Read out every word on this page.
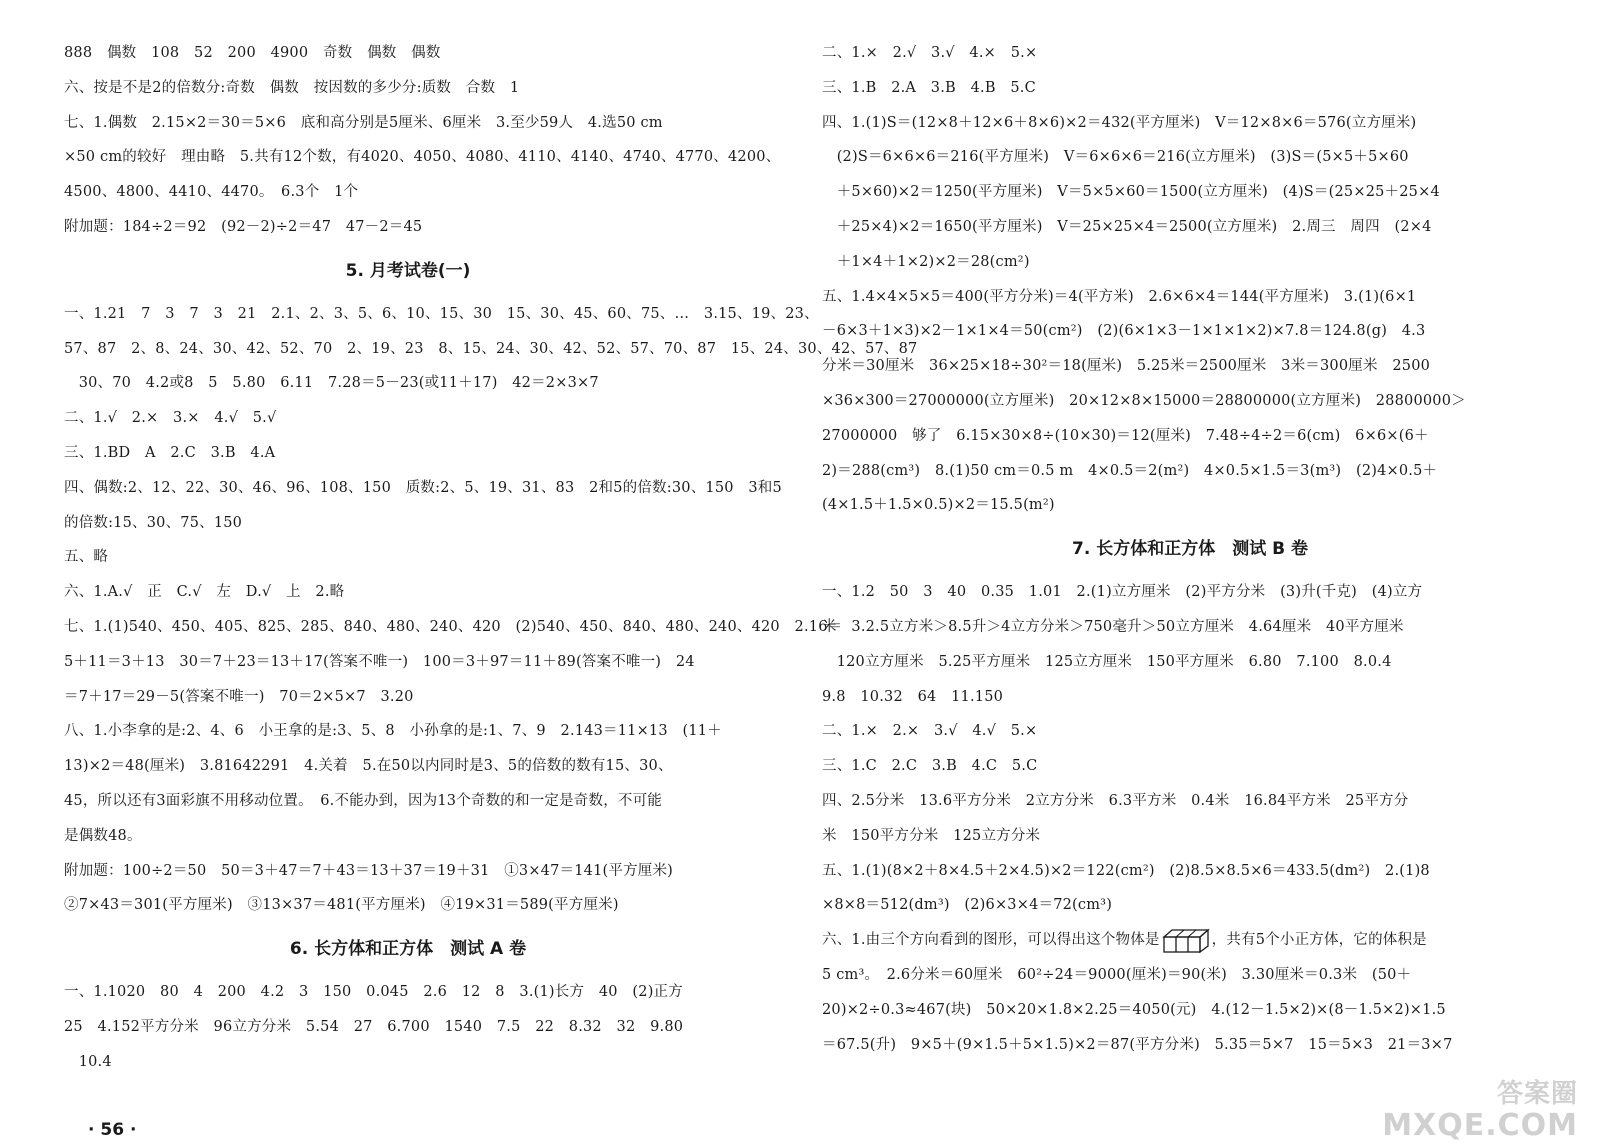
888　偶数　108　52　200　4900　奇数　偶数　偶数
六、按是不是2的倍数分:奇数　偶数　按因数的多少分:质数　合数　1
七、1.偶数　2.15×2＝30＝5×6　底和高分别是5厘米、6厘米　3.至少59人　4.选50 cm
×50 cm的较好　理由略　5.共有12个数，有4020、4050、4080、4110、4140、4740、4770、4200、
4500、4800、4410、4470。　6.3个　1个
附加题：184÷2＝92　(92－2)÷2＝47　47－2＝45
5. 月考试卷(一)
一、1.21　7　3　7　3　21　2.1、2、3、5、6、10、15、30　15、30、45、60、75、…　3.15、19、23、
57、87　2、8、24、30、42、52、70　2、19、23　8、15、24、30、42、52、57、70、87　15、24、30、42、57、87
　30、70　4.2或8　5　5.80　6.11　7.28＝5－23(或11＋17)　42＝2×3×7
二、1.√　2.×　3.×　4.√　5.√
三、1.BD　A　2.C　3.B　4.A
四、偶数:2、12、22、30、46、96、108、150　质数:2、5、19、31、83　2和5的倍数:30、150　3和5
的倍数:15、30、75、150
五、略
六、1.A.√　正　C.√　左　D.√　上　2.略
七、1.(1)540、450、405、825、285、840、480、240、420　(2)540、450、840、480、240、420　2.16＝
5＋11＝3＋13　30＝7＋23＝13＋17(答案不唯一)　100＝3＋97＝11＋89(答案不唯一)　24
＝7＋17＝29－5(答案不唯一)　70＝2×5×7　3.20
八、1.小李拿的是:2、4、6　小王拿的是:3、5、8　小孙拿的是:1、7、9　2.143＝11×13　(11＋
13)×2＝48(厘米)　3.81642291　4.关着　5.在50以内同时是3、5的倍数的数有15、30、
45，所以还有3面彩旗不用移动位置。　6.不能办到，因为13个奇数的和一定是奇数，不可能
是偶数48。
附加题：100÷2＝50　50＝3＋47＝7＋43＝13＋37＝19＋31　①3×47＝141(平方厘米)
②7×43＝301(平方厘米)　③13×37＝481(平方厘米)　④19×31＝589(平方厘米)
6. 长方体和正方体　测试 A 卷
一、1.1020　80　4　200　4.2　3　150　0.045　2.6　12　8　3.(1)长方　40　(2)正方
25　4.152平方分米　96立方分米　5.54　27　6.700　1540　7.5　22　8.32　32　9.80
　10.4
· 56 ·
二、1.×　2.√　3.√　4.×　5.×
三、1.B　2.A　3.B　4.B　5.C
四、1.(1)S＝(12×8＋12×6＋8×6)×2＝432(平方厘米)　V＝12×8×6＝576(立方厘米)
　(2)S＝6×6×6＝216(平方厘米)　V＝6×6×6＝216(立方厘米)　(3)S＝(5×5＋5×60
　＋5×60)×2＝1250(平方厘米)　V＝5×5×60＝1500(立方厘米)　(4)S＝(25×25＋25×4
　＋25×4)×2＝1650(平方厘米)　V＝25×25×4＝2500(立方厘米)　2.周三　周四　(2×4
　＋1×4＋1×2)×2＝28(cm²)
五、1.4×4×5×5＝400(平方分米)＝4(平方米)　2.6×6×4＝144(平方厘米)　3.(1)(6×1
－6×3＋1×3)×2－1×1×4＝50(cm²)　(2)(6×1×3－1×1×1×2)×7.8＝124.8(g)　4.3
分米＝30厘米　36×25×18÷30²＝18(厘米)　5.25米＝2500厘米　3米＝300厘米　2500
×36×300＝27000000(立方厘米)　20×12×8×15000＝28800000(立方厘米)　28800000＞
27000000　够了　6.15×30×8÷(10×30)＝12(厘米)　7.48÷4÷2＝6(cm)　6×6×(6＋
2)＝288(cm³)　8.(1)50 cm＝0.5 m　4×0.5＝2(m²)　4×0.5×1.5＝3(m³)　(2)4×0.5＋
(4×1.5＋1.5×0.5)×2＝15.5(m²)
7. 长方体和正方体　测试 B 卷
一、1.2　50　3　40　0.35　1.01　2.(1)立方厘米　(2)平方分米　(3)升(千克)　(4)立方
米　3.2.5立方米＞8.5升＞4立方分米＞750毫升＞50立方厘米　4.64厘米　40平方厘米
　120立方厘米　5.25平方厘米　125立方厘米　150平方厘米　6.80　7.100　8.0.4
9.8　10.32　64　11.150
二、1.×　2.×　3.√　4.√　5.×
三、1.C　2.C　3.B　4.C　5.C
四、2.5分米　13.6平方分米　2立方分米　6.3平方米　0.4米　16.84平方米　25平方分
米　150平方分米　125立方分米
五、1.(1)(8×2＋8×4.5＋2×4.5)×2＝122(cm²)　(2)8.5×8.5×6＝433.5(dm²)　2.(1)8
×8×8＝512(dm³)　(2)6×3×4＝72(cm³)
六、1.由三个方向看到的图形，可以得出这个物体是	，共有5个小正方体，它的体积是
5 cm³。　2.6分米＝60厘米　60²÷24＝9000(厘米)＝90(米)　3.30厘米＝0.3米　(50＋
20)×2÷0.3≈467(块)　50×20×1.8×2.25＝4050(元)　4.(12－1.5×2)×(8－1.5×2)×1.5
＝67.5(升)　9×5＋(9×1.5＋5×1.5)×2＝87(平方分米)　5.35＝5×7　15＝5×3　21＝3×7
答案圈
MXQE.COM
